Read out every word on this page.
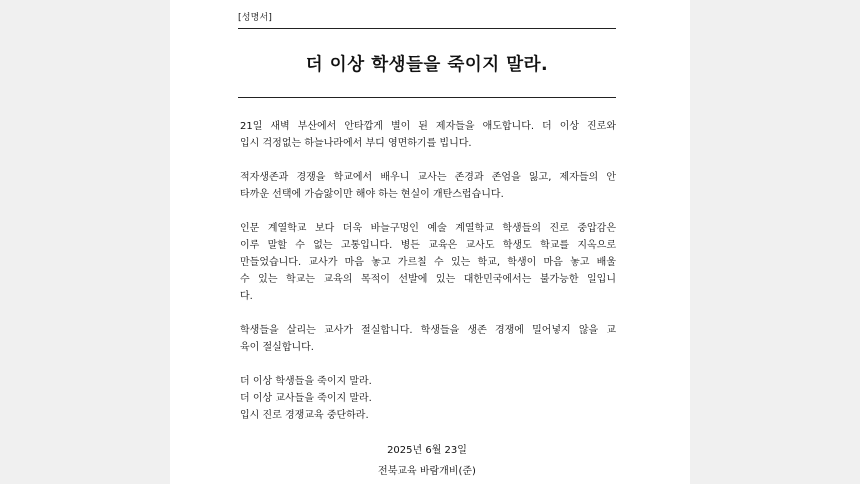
[성명서]
더 이상 학생들을 죽이지 말라.

21일 새벽 부산에서 안타깝게 별이 된 제자들을 애도합니다. 더 이상 진로와
입시 걱정없는 하늘나라에서 부디 영면하기를 빕니다.

적자생존과 경쟁을 학교에서 배우니 교사는 존경과 존엄을 잃고, 제자들의 안
타까운 선택에 가슴앓이만 해야 하는 현실이 개탄스럽습니다.

인문 계열학교 보다 더욱 바늘구멍인 예술 계열학교 학생들의 진로 중압감은
이루 말할 수 없는 고통입니다. 병든 교육은 교사도 학생도 학교를 지옥으로
만들었습니다. 교사가 마음 놓고 가르칠 수 있는 학교, 학생이 마음 놓고 배울
수 있는 학교는 교육의 목적이 선발에 있는 대한민국에서는 불가능한 일입니
다.

학생들을 살리는 교사가 절실합니다. 학생들을 생존 경쟁에 밀어넣지 않을 교
육이 절실합니다.

더 이상 학생들을 죽이지 말라.
더 이상 교사들을 죽이지 말라.
입시 진로 경쟁교육 중단하라.

2025년 6월 23일
전북교육 바람개비(준)
